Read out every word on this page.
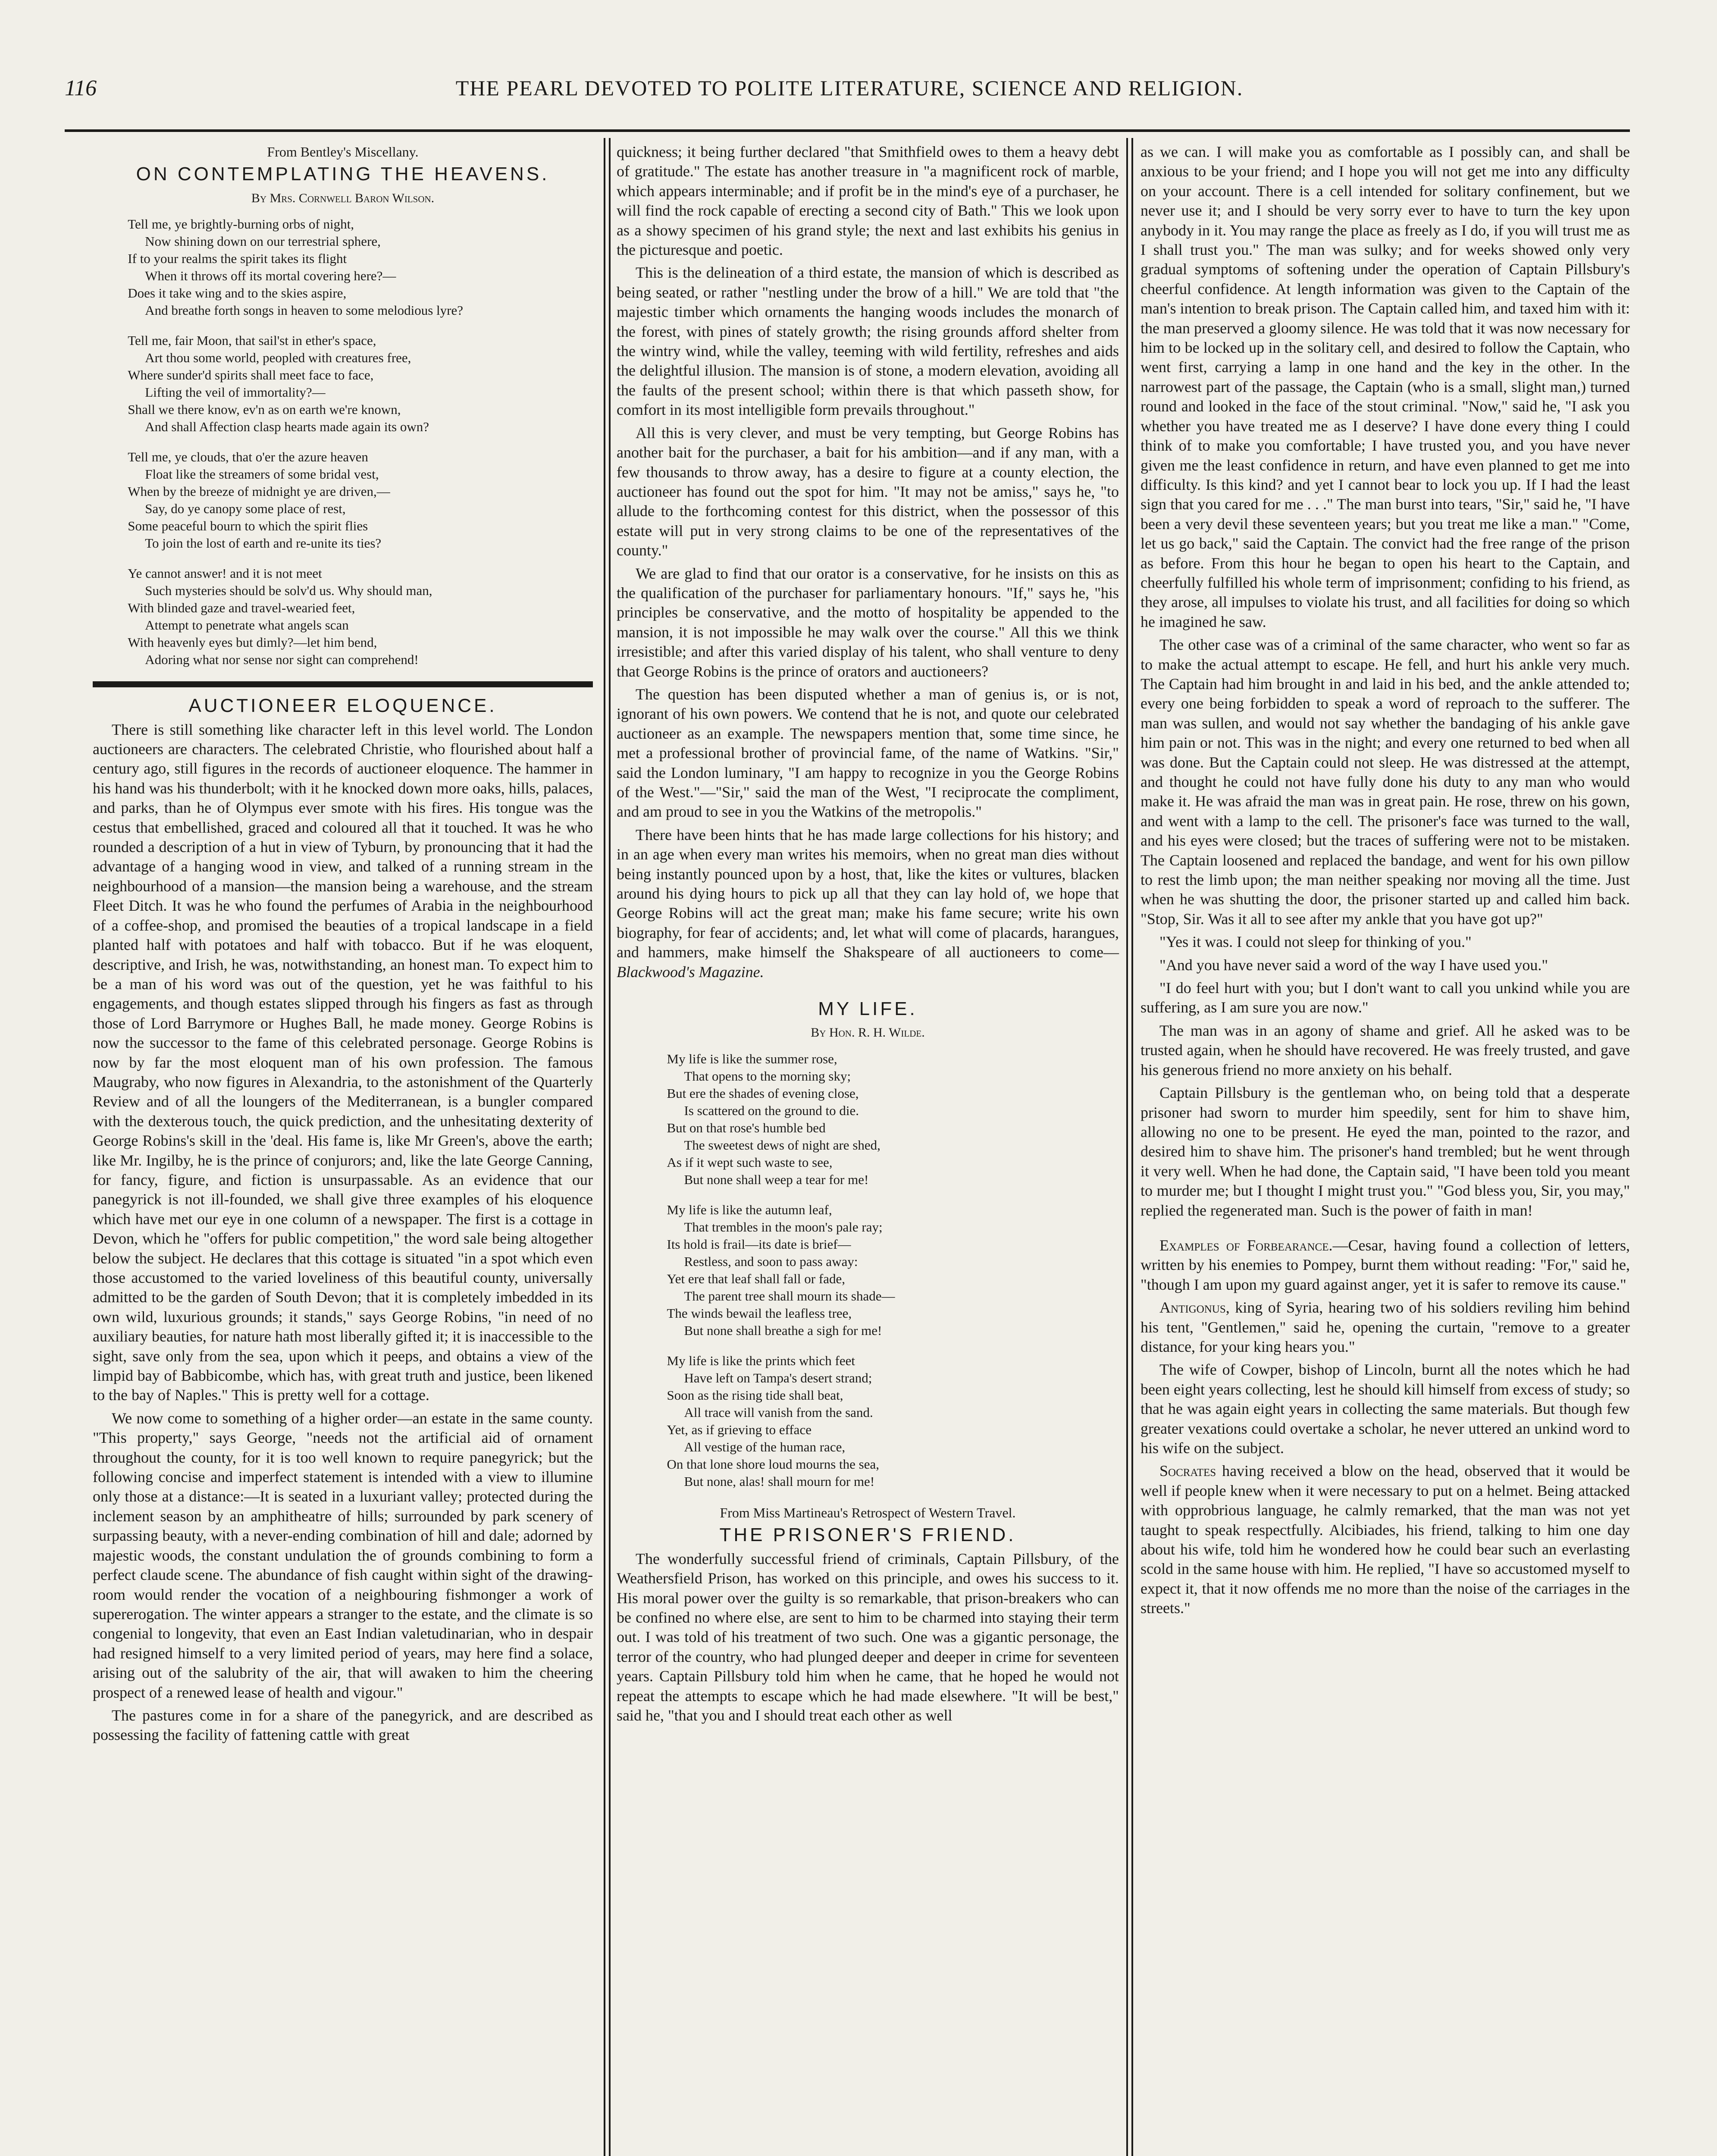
116	THE PEARL DEVOTED TO POLITE LITERATURE, SCIENCE AND RELIGION.
From Bentley's Miscellany.
ON CONTEMPLATING THE HEAVENS.
By Mrs. Cornwell Baron Wilson.
Tell me, ye brightly-burning orbs of night,
Now shining down on our terrestrial sphere,
If to your realms the spirit takes its flight
When it throws off its mortal covering here?—
Does it take wing and to the skies aspire,
And breathe forth songs in heaven to some melodious lyre?
Tell me, fair Moon, that sail'st in ether's space,
Art thou some world, peopled with creatures free,
Where sunder'd spirits shall meet face to face,
Lifting the veil of immortality?—
Shall we there know, ev'n as on earth we're known,
And shall Affection clasp hearts made again its own?
Tell me, ye clouds, that o'er the azure heaven
Float like the streamers of some bridal vest,
When by the breeze of midnight ye are driven,—
Say, do ye canopy some place of rest,
Some peaceful bourn to which the spirit flies
To join the lost of earth and re-unite its ties?
Ye cannot answer! and it is not meet
Such mysteries should be solv'd us. Why should man,
With blinded gaze and travel-wearied feet,
Attempt to penetrate what angels scan
With heavenly eyes but dimly?—let him bend,
Adoring what nor sense nor sight can comprehend!
AUCTIONEER ELOQUENCE.

There is still something like character left in this level world. The London auctioneers are characters. The celebrated Christie, who flourished about half a century ago, still figures in the records of auctioneer eloquence. The hammer in his hand was his thunderbolt; with it he knocked down more oaks, hills, palaces, and parks, than he of Olympus ever smote with his fires. His tongue was the cestus that embellished, graced and coloured all that it touched. It was he who rounded a description of a hut in view of Tyburn, by pronouncing that it had the advantage of a hanging wood in view, and talked of a running stream in the neighbourhood of a mansion—the mansion being a warehouse, and the stream Fleet Ditch. It was he who found the perfumes of Arabia in the neighbourhood of a coffee-shop, and promised the beauties of a tropical landscape in a field planted half with potatoes and half with tobacco. But if he was eloquent, descriptive, and Irish, he was, notwithstanding, an honest man. To expect him to be a man of his word was out of the question, yet he was faithful to his engagements, and though estates slipped through his fingers as fast as through those of Lord Barrymore or Hughes Ball, he made money. George Robins is now the successor to the fame of this celebrated personage. George Robins is now by far the most eloquent man of his own profession. The famous Maugraby, who now figures in Alexandria, to the astonishment of the Quarterly Review and of all the loungers of the Mediterranean, is a bungler compared with the dexterous touch, the quick prediction, and the unhesitating dexterity of George Robins's skill in the 'deal. His fame is, like Mr Green's, above the earth; like Mr. Ingilby, he is the prince of conjurors; and, like the late George Canning, for fancy, figure, and fiction is unsurpassable. As an evidence that our panegyrick is not ill-founded, we shall give three examples of his eloquence which have met our eye in one column of a newspaper. The first is a cottage in Devon, which he "offers for public competition," the word sale being altogether below the subject. He declares that this cottage is situated "in a spot which even those accustomed to the varied loveliness of this beautiful county, universally admitted to be the garden of South Devon; that it is completely imbedded in its own wild, luxurious grounds; it stands," says George Robins, "in need of no auxiliary beauties, for nature hath most liberally gifted it; it is inaccessible to the sight, save only from the sea, upon which it peeps, and obtains a view of the limpid bay of Babbicombe, which has, with great truth and justice, been likened to the bay of Naples." This is pretty well for a cottage.

We now come to something of a higher order—an estate in the same county. "This property," says George, "needs not the artificial aid of ornament throughout the county, for it is too well known to require panegyrick; but the following concise and imperfect statement is intended with a view to illumine only those at a distance:—It is seated in a luxuriant valley; protected during the inclement season by an amphitheatre of hills; surrounded by park scenery of surpassing beauty, with a never-ending combination of hill and dale; adorned by majestic woods, the constant undulation the of grounds combining to form a perfect claude scene. The abundance of fish caught within sight of the drawing-room would render the vocation of a neighbouring fishmonger a work of supererogation. The winter appears a stranger to the estate, and the climate is so congenial to longevity, that even an East Indian valetudinarian, who in despair had resigned himself to a very limited period of years, may here find a solace, arising out of the salubrity of the air, that will awaken to him the cheering prospect of a renewed lease of health and vigour."

The pastures come in for a share of the panegyrick, and are described as possessing the facility of fattening cattle with great

quickness; it being further declared "that Smithfield owes to them a heavy debt of gratitude." The estate has another treasure in "a magnificent rock of marble, which appears interminable; and if profit be in the mind's eye of a purchaser, he will find the rock capable of erecting a second city of Bath." This we look upon as a showy specimen of his grand style; the next and last exhibits his genius in the picturesque and poetic.

This is the delineation of a third estate, the mansion of which is described as being seated, or rather "nestling under the brow of a hill." We are told that "the majestic timber which ornaments the hanging woods includes the monarch of the forest, with pines of stately growth; the rising grounds afford shelter from the wintry wind, while the valley, teeming with wild fertility, refreshes and aids the delightful illusion. The mansion is of stone, a modern elevation, avoiding all the faults of the present school; within there is that which passeth show, for comfort in its most intelligible form prevails throughout."

All this is very clever, and must be very tempting, but George Robins has another bait for the purchaser, a bait for his ambition—and if any man, with a few thousands to throw away, has a desire to figure at a county election, the auctioneer has found out the spot for him. "It may not be amiss," says he, "to allude to the forthcoming contest for this district, when the possessor of this estate will put in very strong claims to be one of the representatives of the county."

We are glad to find that our orator is a conservative, for he insists on this as the qualification of the purchaser for parliamentary honours. "If," says he, "his principles be conservative, and the motto of hospitality be appended to the mansion, it is not impossible he may walk over the course." All this we think irresistible; and after this varied display of his talent, who shall venture to deny that George Robins is the prince of orators and auctioneers?

The question has been disputed whether a man of genius is, or is not, ignorant of his own powers. We contend that he is not, and quote our celebrated auctioneer as an example. The newspapers mention that, some time since, he met a professional brother of provincial fame, of the name of Watkins. "Sir," said the London luminary, "I am happy to recognize in you the George Robins of the West."—"Sir," said the man of the West, "I reciprocate the compliment, and am proud to see in you the Watkins of the metropolis."

There have been hints that he has made large collections for his history; and in an age when every man writes his memoirs, when no great man dies without being instantly pounced upon by a host, that, like the kites or vultures, blacken around his dying hours to pick up all that they can lay hold of, we hope that George Robins will act the great man; make his fame secure; write his own biography, for fear of accidents; and, let what will come of placards, harangues, and hammers, make himself the Shakspeare of all auctioneers to come—Blackwood's Magazine.

MY LIFE.
By Hon. R. H. Wilde.
My life is like the summer rose,
That opens to the morning sky;
But ere the shades of evening close,
Is scattered on the ground to die.
But on that rose's humble bed
The sweetest dews of night are shed,
As if it wept such waste to see,
But none shall weep a tear for me!
My life is like the autumn leaf,
That trembles in the moon's pale ray;
Its hold is frail—its date is brief—
Restless, and soon to pass away:
Yet ere that leaf shall fall or fade,
The parent tree shall mourn its shade—
The winds bewail the leafless tree,
But none shall breathe a sigh for me!
My life is like the prints which feet
Have left on Tampa's desert strand;
Soon as the rising tide shall beat,
All trace will vanish from the sand.
Yet, as if grieving to efface
All vestige of the human race,
On that lone shore loud mourns the sea,
But none, alas! shall mourn for me!
From Miss Martineau's Retrospect of Western Travel.
THE PRISONER'S FRIEND.

The wonderfully successful friend of criminals, Captain Pillsbury, of the Weathersfield Prison, has worked on this principle, and owes his success to it. His moral power over the guilty is so remarkable, that prison-breakers who can be confined no where else, are sent to him to be charmed into staying their term out. I was told of his treatment of two such. One was a gigantic personage, the terror of the country, who had plunged deeper and deeper in crime for seventeen years. Captain Pillsbury told him when he came, that he hoped he would not repeat the attempts to escape which he had made elsewhere. "It will be best," said he, "that you and I should treat each other as well

as we can. I will make you as comfortable as I possibly can, and shall be anxious to be your friend; and I hope you will not get me into any difficulty on your account. There is a cell intended for solitary confinement, but we never use it; and I should be very sorry ever to have to turn the key upon anybody in it. You may range the place as freely as I do, if you will trust me as I shall trust you." The man was sulky; and for weeks showed only very gradual symptoms of softening under the operation of Captain Pillsbury's cheerful confidence. At length information was given to the Captain of the man's intention to break prison. The Captain called him, and taxed him with it: the man preserved a gloomy silence. He was told that it was now necessary for him to be locked up in the solitary cell, and desired to follow the Captain, who went first, carrying a lamp in one hand and the key in the other. In the narrowest part of the passage, the Captain (who is a small, slight man,) turned round and looked in the face of the stout criminal. "Now," said he, "I ask you whether you have treated me as I deserve? I have done every thing I could think of to make you comfortable; I have trusted you, and you have never given me the least confidence in return, and have even planned to get me into difficulty. Is this kind? and yet I cannot bear to lock you up. If I had the least sign that you cared for me . . ." The man burst into tears, "Sir," said he, "I have been a very devil these seventeen years; but you treat me like a man." "Come, let us go back," said the Captain. The convict had the free range of the prison as before. From this hour he began to open his heart to the Captain, and cheerfully fulfilled his whole term of imprisonment; confiding to his friend, as they arose, all impulses to violate his trust, and all facilities for doing so which he imagined he saw.

The other case was of a criminal of the same character, who went so far as to make the actual attempt to escape. He fell, and hurt his ankle very much. The Captain had him brought in and laid in his bed, and the ankle attended to; every one being forbidden to speak a word of reproach to the sufferer. The man was sullen, and would not say whether the bandaging of his ankle gave him pain or not. This was in the night; and every one returned to bed when all was done. But the Captain could not sleep. He was distressed at the attempt, and thought he could not have fully done his duty to any man who would make it. He was afraid the man was in great pain. He rose, threw on his gown, and went with a lamp to the cell. The prisoner's face was turned to the wall, and his eyes were closed; but the traces of suffering were not to be mistaken. The Captain loosened and replaced the bandage, and went for his own pillow to rest the limb upon; the man neither speaking nor moving all the time. Just when he was shutting the door, the prisoner started up and called him back. "Stop, Sir. Was it all to see after my ankle that you have got up?"

"Yes it was. I could not sleep for thinking of you."

"And you have never said a word of the way I have used you."

"I do feel hurt with you; but I don't want to call you unkind while you are suffering, as I am sure you are now."

The man was in an agony of shame and grief. All he asked was to be trusted again, when he should have recovered. He was freely trusted, and gave his generous friend no more anxiety on his behalf.

Captain Pillsbury is the gentleman who, on being told that a desperate prisoner had sworn to murder him speedily, sent for him to shave him, allowing no one to be present. He eyed the man, pointed to the razor, and desired him to shave him. The prisoner's hand trembled; but he went through it very well. When he had done, the Captain said, "I have been told you meant to murder me; but I thought I might trust you." "God bless you, Sir, you may," replied the regenerated man. Such is the power of faith in man!

Examples of Forbearance.—Cesar, having found a collection of letters, written by his enemies to Pompey, burnt them without reading: "For," said he, "though I am upon my guard against anger, yet it is safer to remove its cause."

Antigonus, king of Syria, hearing two of his soldiers reviling him behind his tent, "Gentlemen," said he, opening the curtain, "remove to a greater distance, for your king hears you."

The wife of Cowper, bishop of Lincoln, burnt all the notes which he had been eight years collecting, lest he should kill himself from excess of study; so that he was again eight years in collecting the same materials. But though few greater vexations could overtake a scholar, he never uttered an unkind word to his wife on the subject.

Socrates having received a blow on the head, observed that it would be well if people knew when it were necessary to put on a helmet. Being attacked with opprobrious language, he calmly remarked, that the man was not yet taught to speak respectfully. Alcibiades, his friend, talking to him one day about his wife, told him he wondered how he could bear such an everlasting scold in the same house with him. He replied, "I have so accustomed myself to expect it, that it now offends me no more than the noise of the carriages in the streets."
